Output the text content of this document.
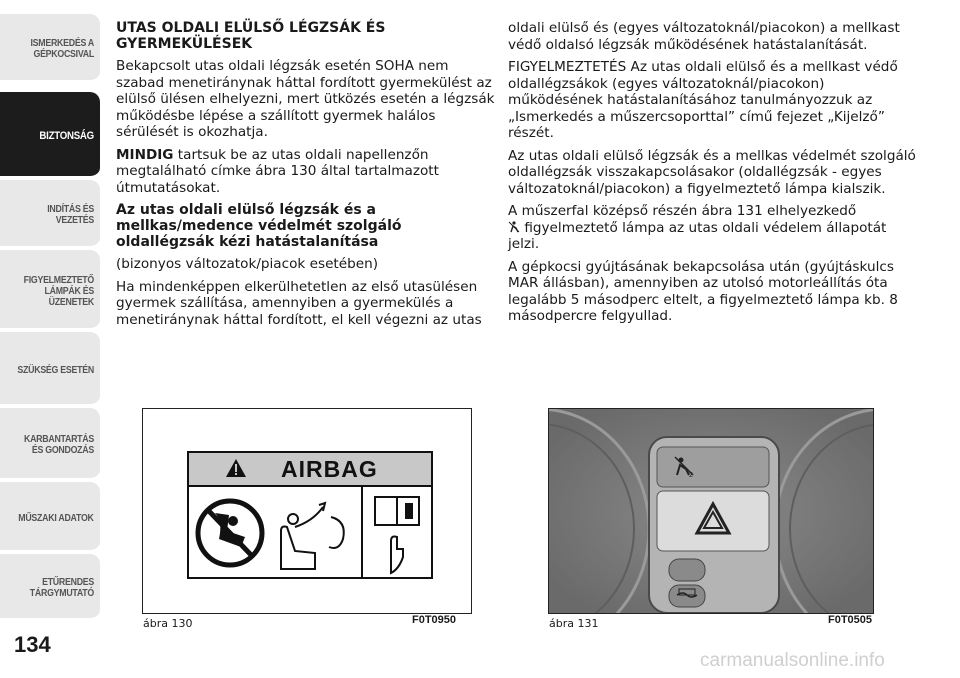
ISMERKEDÉS A GÉPKOCSIVAL
BIZTONSÁG
INDÍTÁS ÉS VEZETÉS
FIGYELMEZTETŐ LÁMPÁK ÉS ÜZENETEK
SZÜKSÉG ESETÉN
KARBANTARTÁS ÉS GONDOZÁS
MŰSZAKI ADATOK
ETŰRENDES TÁRGYMUTATÓ
134

UTAS OLDALI ELÜLSŐ LÉGZSÁK ÉS GYERMEKÜLÉSEK

Bekapcsolt utas oldali légzsák esetén SOHA nem szabad menetiránynak háttal fordított gyermekülést az elülső ülésen elhelyezni, mert ütközés esetén a légzsák működésbe lépése a szállított gyermek halálos sérülését is okozhatja.

MINDIG tartsuk be az utas oldali napellenzőn megtalálható címke ábra 130 által tartalmazott útmutatásokat.

Az utas oldali elülső légzsák és a mellkas/medence védelmét szolgáló oldallégzsák kézi hatástalanítása

(bizonyos változatok/piacok esetében)

Ha mindenképpen elkerülhetetlen az első utasülésen gyermek szállítása, amennyiben a gyermekülés a menetiránynak háttal fordított, el kell végezni az utas

oldali elülső és (egyes változatoknál/piacokon) a mellkast védő oldalsó légzsák működésének hatástalanítását.

FIGYELMEZTETÉS Az utas oldali elülső és a mellkast védő oldallégzsákok (egyes változatoknál/piacokon) működésének hatástalanításához tanulmányozzuk az „Ismerkedés a műszercsoporttal” című fejezet „Kijelző” részét.

Az utas oldali elülső légzsák és a mellkas védelmét szolgáló oldallégzsák visszakapcsolásakor (oldallégzsák - egyes változatoknál/piacokon) a figyelmeztető lámpa kialszik.

A műszerfal középső részén ábra 131 elhelyezkedő
figyelmeztető lámpa az utas oldali védelem állapotát jelzi.

A gépkocsi gyújtásának bekapcsolása után (gyújtáskulcs MAR állásban), amennyiben az utolsó motorleállítás óta legalább 5 másodperc eltelt, a figyelmeztető lámpa kb. 8 másodpercre felgyullad.

AIRBAG
ábra 130	F0T0950
2
ábra 131	F0T0505
carmanualsonline.info
